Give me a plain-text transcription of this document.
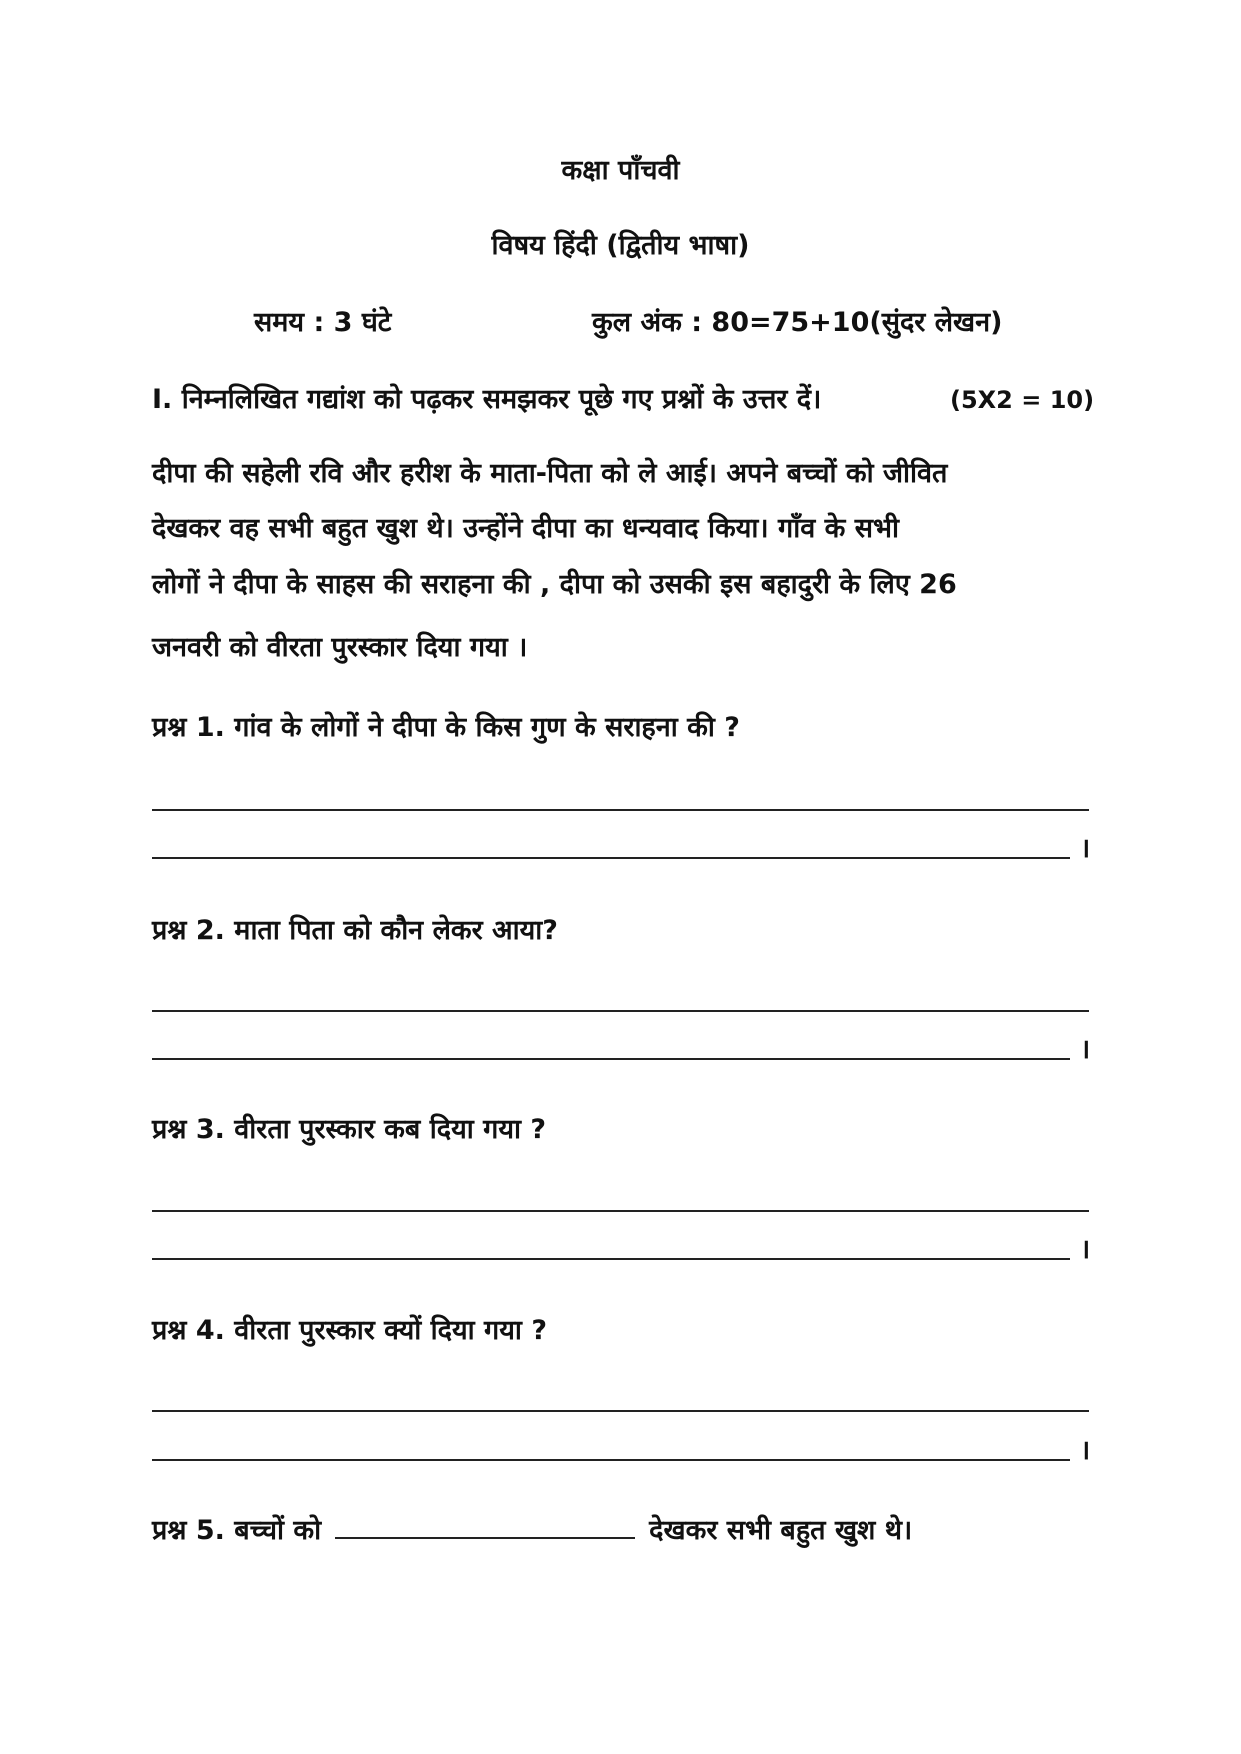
कक्षा पाँचवी
विषय हिंदी (द्वितीय भाषा)
समय : 3 घंटे	कुल अंक : 80=75+10(सुंदर लेखन)
I. निम्नलिखित गद्यांश को पढ़कर समझकर पूछे गए प्रश्नों के उत्तर दें।	(5X2 = 10)
दीपा की सहेली रवि और हरीश के माता-पिता को ले आई। अपने बच्चों को जीवित
देखकर वह सभी बहुत खुश थे। उन्होंने दीपा का धन्यवाद किया। गाँव के सभी
लोगों ने दीपा के साहस की सराहना की , दीपा को उसकी इस बहादुरी के लिए 26
जनवरी को वीरता पुरस्कार दिया गया ।
प्रश्न 1. गांव के लोगों ने दीपा के किस गुण के सराहना की ?
।
प्रश्न 2. माता पिता को कौन लेकर आया?
।
प्रश्न 3. वीरता पुरस्कार कब दिया गया ?
।
प्रश्न 4. वीरता पुरस्कार क्यों दिया गया ?
।
प्रश्न 5. बच्चों को	देखकर सभी बहुत खुश थे।
